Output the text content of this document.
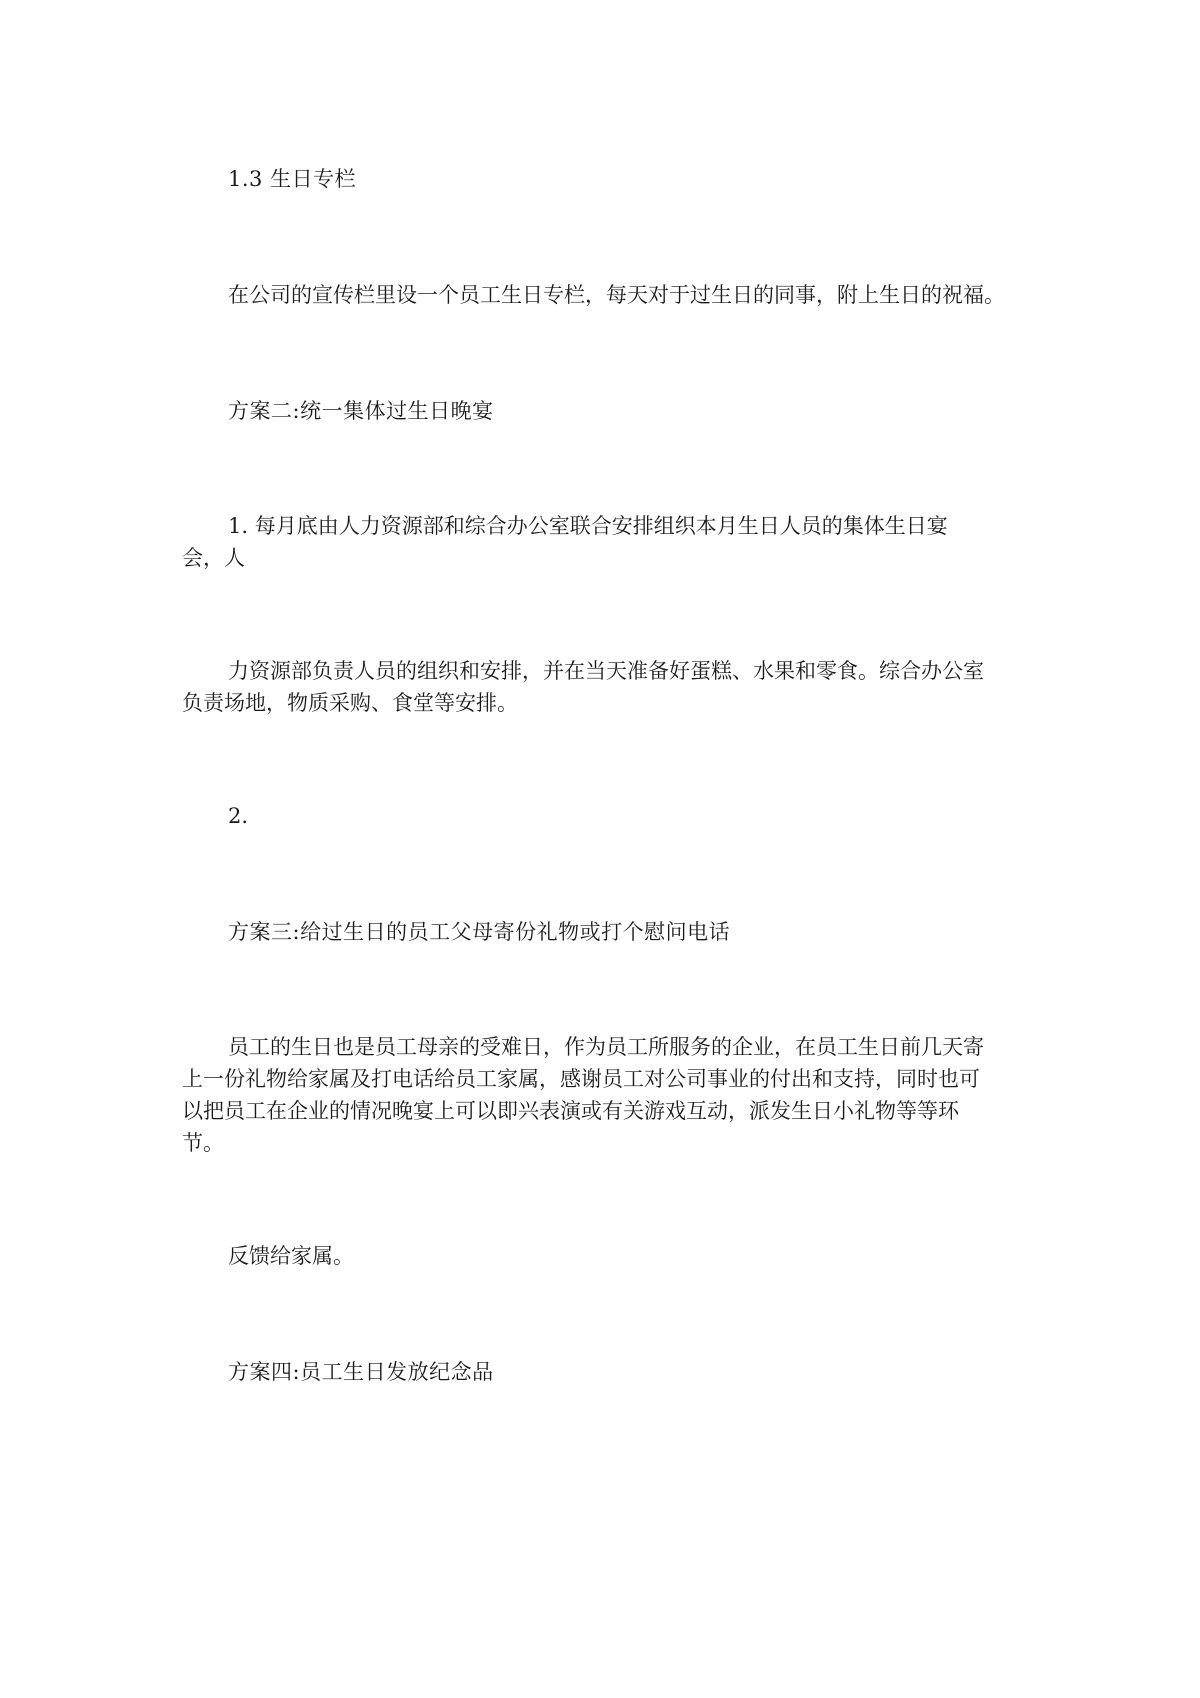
1.3 生日专栏

在公司的宣传栏里设一个员工生日专栏，每天对于过生日的同事，附上生日的祝福。

方案二:统一集体过生日晚宴

1. 每月底由人力资源部和综合办公室联合安排组织本月生日人员的集体生日宴
会，人

力资源部负责人员的组织和安排，并在当天准备好蛋糕、水果和零食。综合办公室
负责场地，物质采购、食堂等安排。

2.

方案三:给过生日的员工父母寄份礼物或打个慰问电话

员工的生日也是员工母亲的受难日，作为员工所服务的企业，在员工生日前几天寄
上一份礼物给家属及打电话给员工家属，感谢员工对公司事业的付出和支持，同时也可
以把员工在企业的情况晚宴上可以即兴表演或有关游戏互动，派发生日小礼物等等环
节。

反馈给家属。

方案四:员工生日发放纪念品
